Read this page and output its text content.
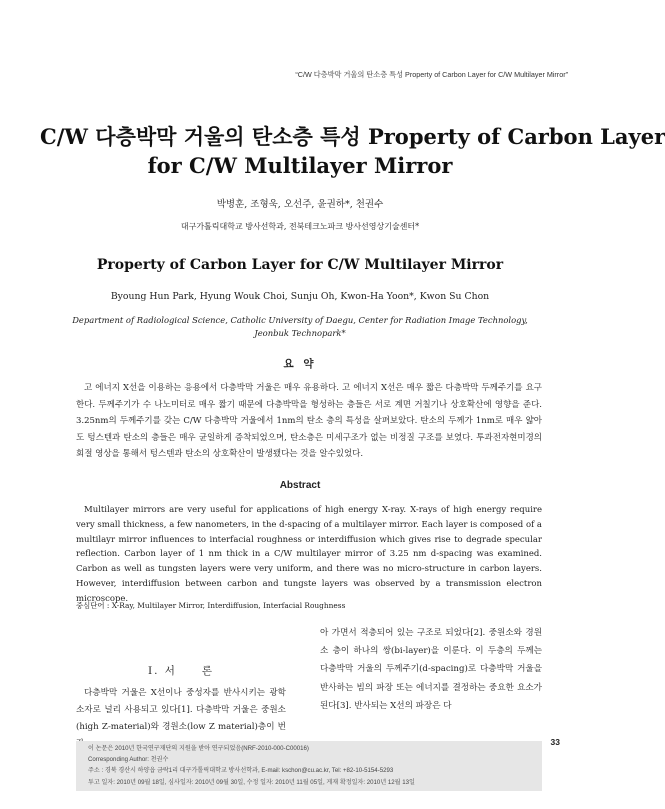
“C/W 다층박막 거울의 탄소층 특성 Property of Carbon Layer for C/W Multilayer Mirror”
C/W 다층박막 거울의 탄소층 특성 Property of Carbon Layer
for C/W Multilayer Mirror
박병훈, 조형욱, 오선주, 윤권하*, 천권수
대구가톨릭대학교 방사선학과, 전북테크노파크 방사선영상기술센터*
Property of Carbon Layer for C/W Multilayer Mirror
Byoung Hun Park, Hyung Wouk Choi, Sunju Oh, Kwon-Ha Yoon*, Kwon Su Chon
Department of Radiological Science, Catholic University of Daegu, Center for Radiation Image Technology, Jeonbuk Technopark*
요 약
고 에너지 X선을 이용하는 응용에서 다층박막 거울은 매우 유용하다. 고 에너지 X선은 매우 짧은 다층박막 두께주기를 요구한다. 두께주기가 수 나노미터로 매우 짧기 때문에 다층박막을 형성하는 층들은 서로 계면 거칠기나 상호확산에 영향을 준다. 3.25nm의 두께주기를 갖는 C/W 다층박막 거울에서 1nm의 탄소 층의 특성을 살펴보았다. 탄소의 두께가 1nm로 매우 얇아도 텅스텐과 탄소의 층들은 매우 균일하게 증착되었으며, 탄소층은 미세구조가 없는 비정질 구조를 보였다. 투과전자현미경의 회절 영상을 통해서 텅스텐과 탄소의 상호확산이 발생됐다는 것을 알수있었다.
Abstract
Multilayer mirrors are very useful for applications of high energy X-ray. X-rays of high energy require very small thickness, a few nanometers, in the d-spacing of a multilayer mirror. Each layer is composed of a multilayr mirror influences to interfacial roughness or interdiffusion which gives rise to degrade specular reflection. Carbon layer of 1 nm thick in a C/W multilayer mirror of 3.25 nm d-spacing was examined. Carbon as well as tungsten layers were very uniform, and there was no micro-structure in carbon layers. However, interdiffusion between carbon and tungste layers was observed by a transmission electron microscope.
중심단어 : X-Ray, Multilayer Mirror, Interdiffusion, Interfacial Roughness
I. 서　　론
다층박막 거울은 X선이나 중성자를 반사시키는 광학소자로 널리 사용되고 있다[1]. 다층박막 거울은 중원소(high Z-material)와 경원소(low Z material)층이 번
아 가면서 적층되어 있는 구조로 되었다[2]. 중원소와 경원소 층이 하나의 쌍(bi-layer)을 이룬다. 이 두층의 두께는 다층박막 거울의 두께주기(d-spacing)로 다층박막 거울을 반사하는 빔의 파장 또는 에너지를 결정하는 중요한 요소가 된다[3]. 반사되는 X선의 파장은 다
이 논문은 2010년 한국연구재단의 지원을 받아 연구되었음(NRF-2010-000-C00016)
Corresponding Author: 천권수
주소 : 경북 경산시 하양읍 금락1리 대구가톨릭대학교 방사선학과, E-mail: kschon@cu.ac.kr, Tel: +82-10-5154-5293
투고 일자: 2010년 09월 18일, 심사일자: 2010년 09월 30일, 수정 일자: 2010년 11월 05일, 게재 확정일자: 2010년 12월 13일
33
